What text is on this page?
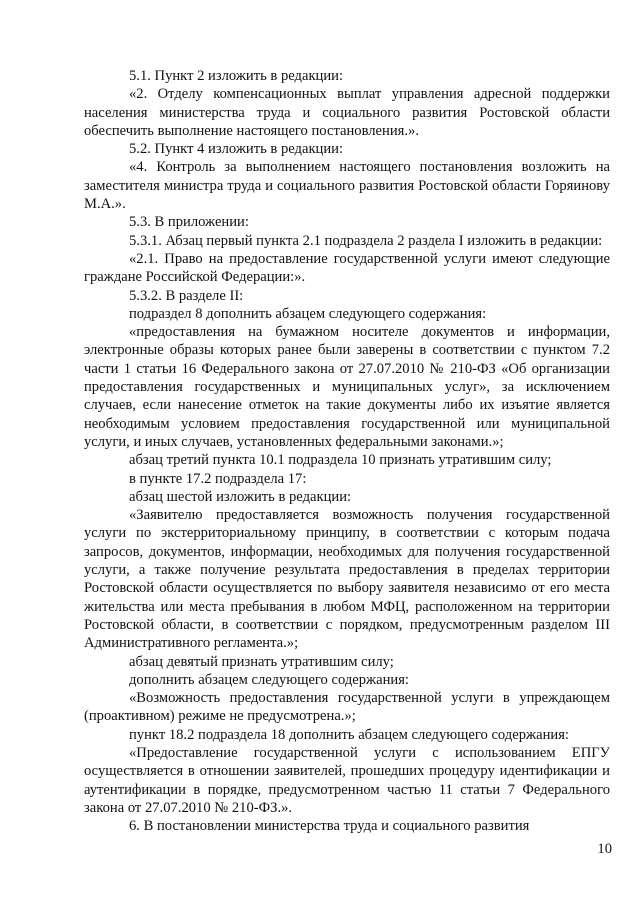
5.1. Пункт 2 изложить в редакции:

«2. Отделу компенсационных выплат управления адресной поддержки населения министерства труда и социального развития Ростовской области обеспечить выполнение настоящего постановления.».

5.2. Пункт 4 изложить в редакции:

«4. Контроль за выполнением настоящего постановления возложить на заместителя министра труда и социального развития Ростовской области Горяинову М.А.».

5.3. В приложении:

5.3.1. Абзац первый пункта 2.1 подраздела 2 раздела I изложить в редакции:

«2.1. Право на предоставление государственной услуги имеют следующие граждане Российской Федерации:».

5.3.2. В разделе II:

подраздел 8 дополнить абзацем следующего содержания:

«предоставления на бумажном носителе документов и информации, электронные образы которых ранее были заверены в соответствии с пунктом 7.2 части 1 статьи 16 Федерального закона от 27.07.2010 № 210-ФЗ «Об организации предоставления государственных и муниципальных услуг», за исключением случаев, если нанесение отметок на такие документы либо их изъятие является необходимым условием предоставления государственной или муниципальной услуги, и иных случаев, установленных федеральными законами.»;

абзац третий пункта 10.1 подраздела 10 признать утратившим силу;

в пункте 17.2 подраздела 17:

абзац шестой изложить в редакции:

«Заявителю предоставляется возможность получения государственной услуги по экстерриториальному принципу, в соответствии с которым подача запросов, документов, информации, необходимых для получения государственной услуги, а также получение результата предоставления в пределах территории Ростовской области осуществляется по выбору заявителя независимо от его места жительства или места пребывания в любом МФЦ, расположенном на территории Ростовской области, в соответствии с порядком, предусмотренным разделом III Административного регламента.»;

абзац девятый признать утратившим силу;

дополнить абзацем следующего содержания:

«Возможность предоставления государственной услуги в упреждающем (проактивном) режиме не предусмотрена.»;

пункт 18.2 подраздела 18 дополнить абзацем следующего содержания:

«Предоставление государственной услуги с использованием ЕПГУ осуществляется в отношении заявителей, прошедших процедуру идентификации и аутентификации в порядке, предусмотренном частью 11 статьи 7 Федерального закона от 27.07.2010 № 210-ФЗ.».

6. В постановлении министерства труда и социального развития

10
